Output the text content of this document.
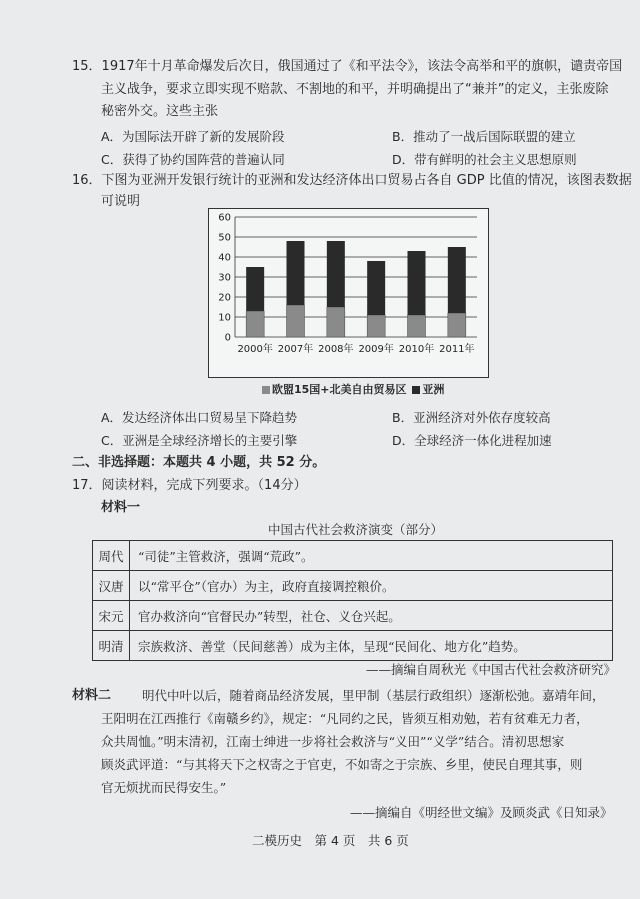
15．1917年十月革命爆发后次日，俄国通过了《和平法令》，该法令高举和平的旗帜，谴责帝国
主义战争，要求立即实现不赔款、不割地的和平，并明确提出了“兼并”的定义，主张废除
秘密外交。这些主张
A．为国际法开辟了新的发展阶段	B．推动了一战后国际联盟的建立
C．获得了协约国阵营的普遍认同	D．带有鲜明的社会主义思想原则
16．下图为亚洲开发银行统计的亚洲和发达经济体出口贸易占各自 GDP 比值的情况，该图表数据
可说明
0
10
20
30
40
50
60
2000年 2007年 2008年 2009年 2010年 2011年
欧盟15国+北美自由贸易区 亚洲
A．发达经济体出口贸易呈下降趋势	B．亚洲经济对外依存度较高
C．亚洲是全球经济增长的主要引擎	D．全球经济一体化进程加速
二、非选择题：本题共 4 小题，共 52 分。
17．阅读材料，完成下列要求。（14分）
材料一
中国古代社会救济演变（部分）
周代	“司徒”主管救济，强调“荒政”。
汉唐	以“常平仓”（官办）为主，政府直接调控粮价。
宋元	官办救济向“官督民办”转型，社仓、义仓兴起。
明清	宗族救济、善堂（民间慈善）成为主体，呈现“民间化、地方化”趋势。
——摘编自周秋光《中国古代社会救济研究》
材料二 明代中叶以后，随着商品经济发展，里甲制（基层行政组织）逐渐松弛。嘉靖年间，
王阳明在江西推行《南赣乡约》，规定：“凡同约之民，皆须互相劝勉，若有贫难无力者，
众共周恤。”明末清初，江南士绅进一步将社会救济与“义田”“义学”结合。清初思想家
顾炎武评道：“与其将天下之权寄之于官吏，不如寄之于宗族、乡里，使民自理其事，则
官无烦扰而民得安生。”
——摘编自《明经世文编》及顾炎武《日知录》
二模历史　第 4 页　共 6 页
